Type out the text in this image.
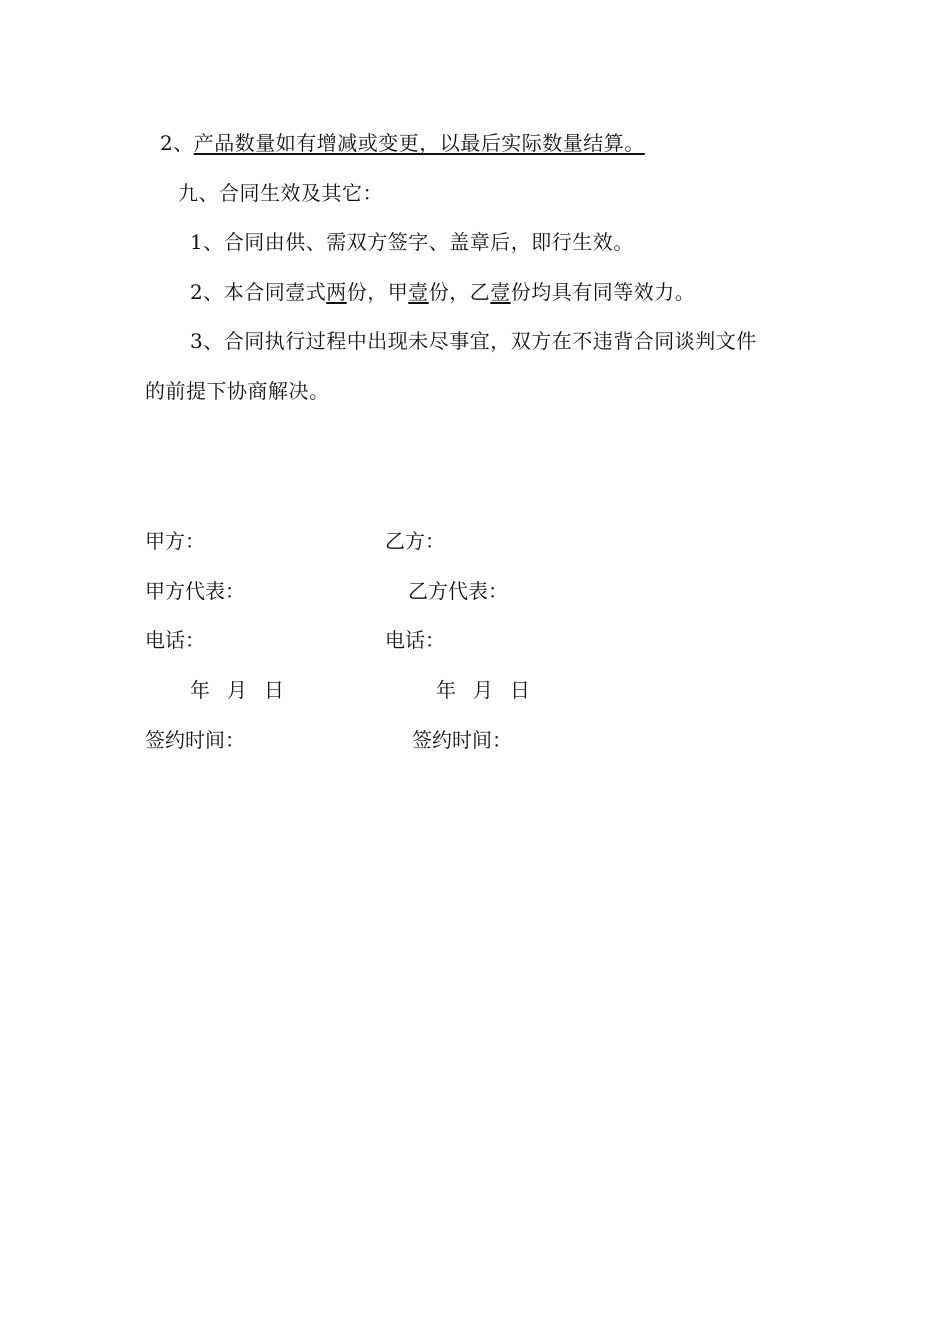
2、产品数量如有增减或变更，以最后实际数量结算。
九、合同生效及其它：
1、合同由供、需双方签字、盖章后，即行生效。
2、本合同壹式两份，甲壹份，乙壹份均具有同等效力。
3、合同执行过程中出现未尽事宜，双方在不违背合同谈判文件
的前提下协商解决。
甲方：	乙方：
甲方代表：	乙方代表：
电话：	电话：
年 月 日	年 月 日
签约时间：	签约时间：
